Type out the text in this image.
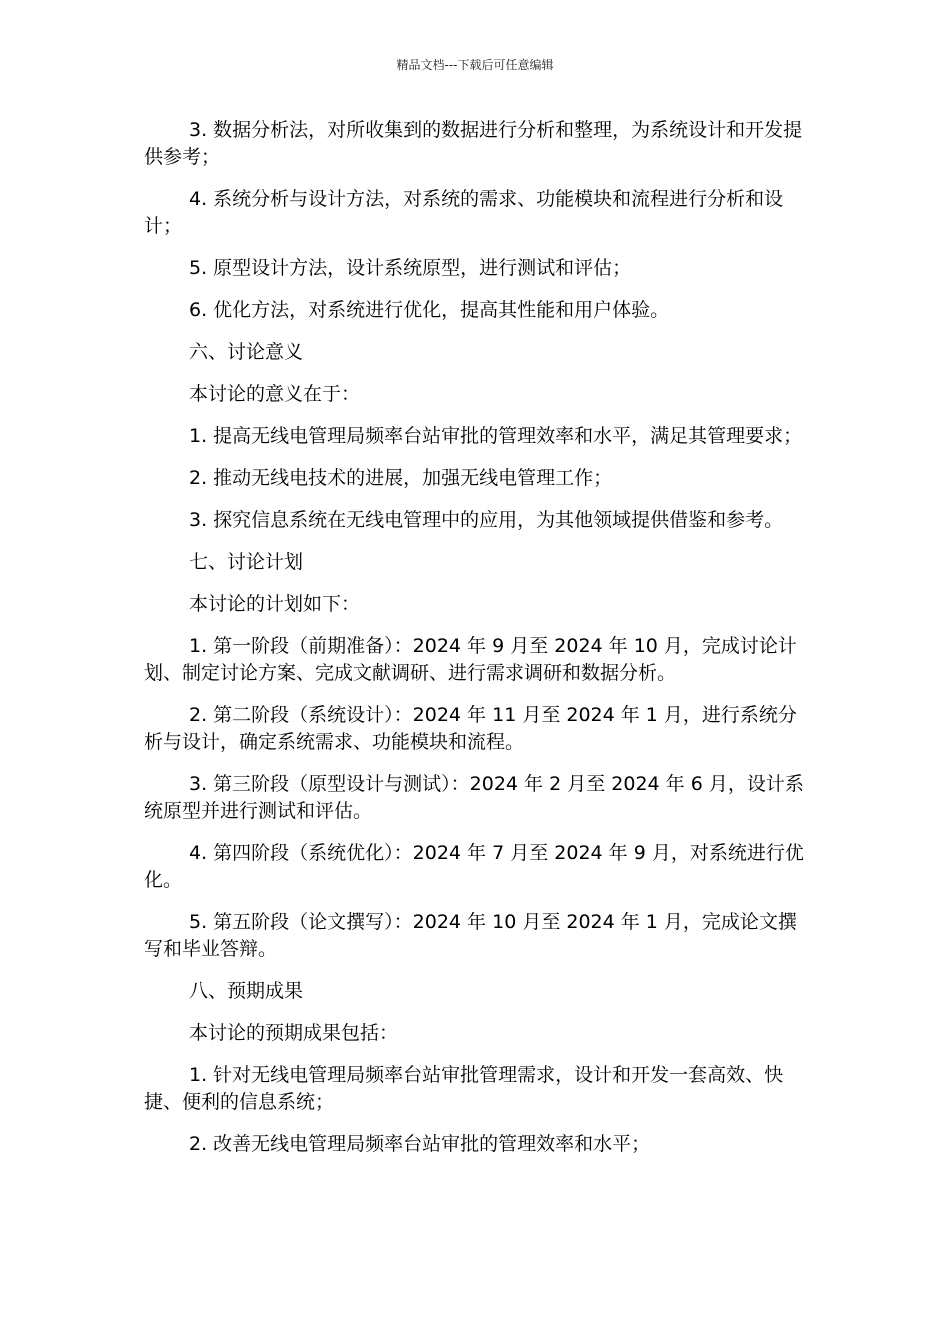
精品文档---下载后可任意编辑

3. 数据分析法，对所收集到的数据进行分析和整理，为系统设计和开发提供参考；

4. 系统分析与设计方法，对系统的需求、功能模块和流程进行分析和设计；

5. 原型设计方法，设计系统原型，进行测试和评估；

6. 优化方法，对系统进行优化，提高其性能和用户体验。

六、讨论意义

本讨论的意义在于：

1. 提高无线电管理局频率台站审批的管理效率和水平，满足其管理要求；

2. 推动无线电技术的进展，加强无线电管理工作；

3. 探究信息系统在无线电管理中的应用，为其他领域提供借鉴和参考。

七、讨论计划

本讨论的计划如下：

1. 第一阶段（前期准备）：2024 年 9 月至 2024 年 10 月，完成讨论计划、制定讨论方案、完成文献调研、进行需求调研和数据分析。

2. 第二阶段（系统设计）：2024 年 11 月至 2024 年 1 月，进行系统分析与设计，确定系统需求、功能模块和流程。

3. 第三阶段（原型设计与测试）：2024 年 2 月至 2024 年 6 月，设计系统原型并进行测试和评估。

4. 第四阶段（系统优化）：2024 年 7 月至 2024 年 9 月，对系统进行优化。

5. 第五阶段（论文撰写）：2024 年 10 月至 2024 年 1 月，完成论文撰写和毕业答辩。

八、预期成果

本讨论的预期成果包括：

1. 针对无线电管理局频率台站审批管理需求，设计和开发一套高效、快捷、便利的信息系统；

2. 改善无线电管理局频率台站审批的管理效率和水平；
